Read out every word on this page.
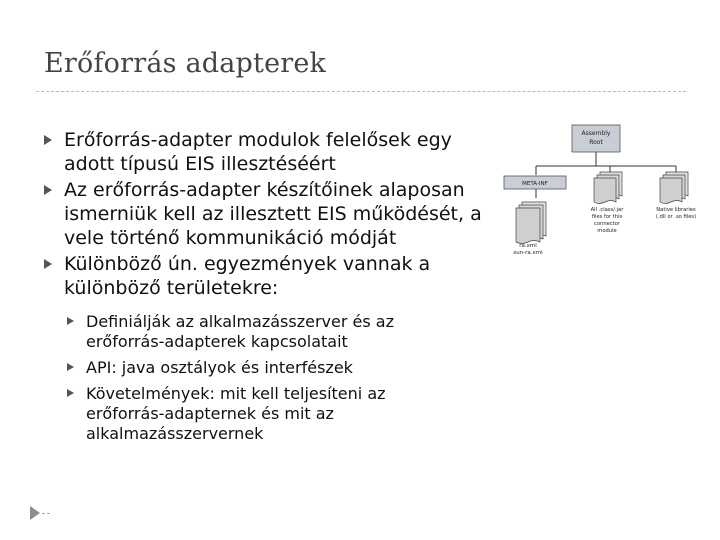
Erőforrás adapterek
Erőforrás-adapter modulok felelősek egy adott típusú EIS illesztéséért
Az erőforrás-adapter készítőinek alaposan ismerniük kell az illesztett EIS működését, a vele történő kommunikáció módját
Különböző ún. egyezmények vannak a különböző területekre:
Definiálják az alkalmazásszerver és az erőforrás-adapterek kapcsolatait
API: java osztályok és interfészek
Követelmények: mit kell teljesíteni az erőforrás-adapternek és mit az alkalmazásszervernek
Assembly
Root
META-INF
ra.xml
sun-ra.xml
All .class/.jar
files for this
connector
module
Native libraries
(.dll or .so files)
